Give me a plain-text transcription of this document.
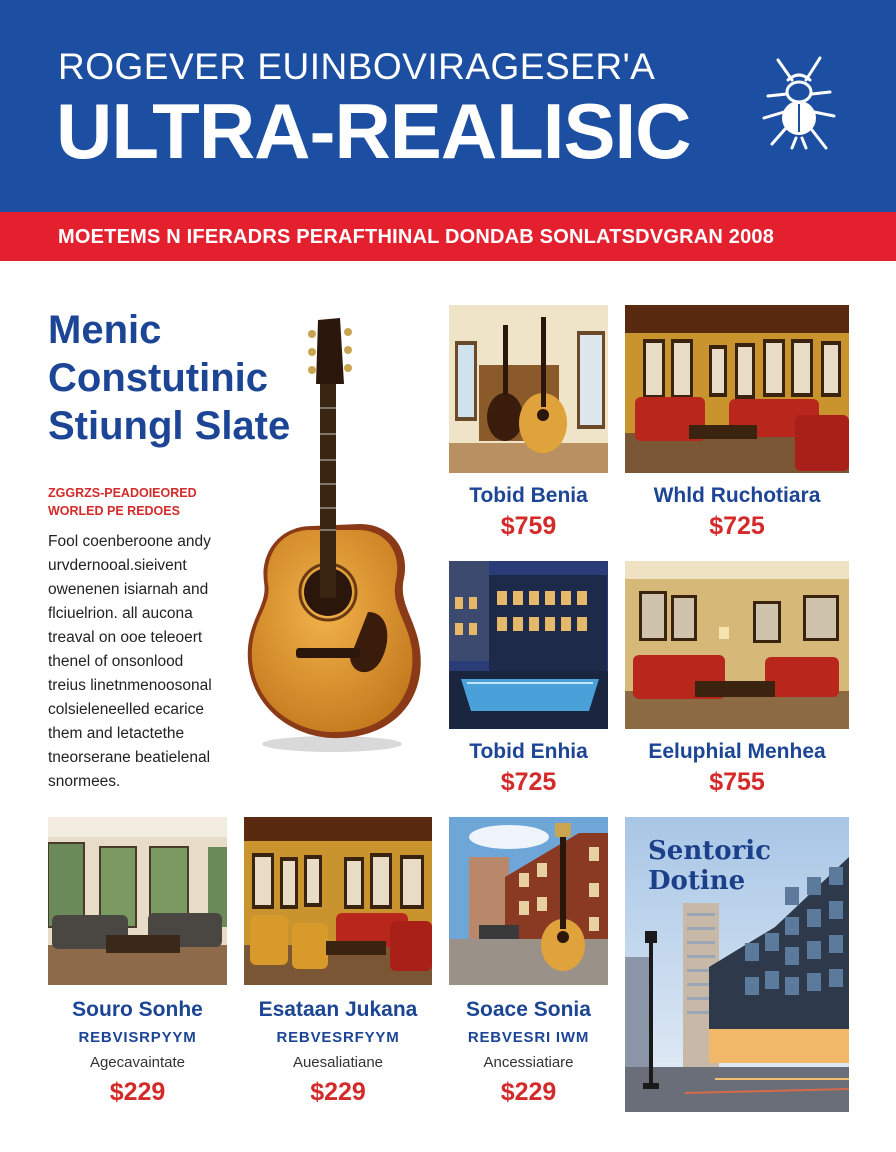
ROGEVER EUINBOVIRAGESER'A
ULTRA-REALISIC
MOETEMS N IFERADRS PERAFTHINAL DONDAB SONLATSDVGRAN 2008
Menic
Constutinic
Stiungl Slate
ZGGRZS-PEADOIEORED
WORLED PE REDOES
Fool coenberoone andy
urvdernooal.sieivent
owenenen isiarnah and
flciuelrion. all aucona
treaval on ooe teleoert
thenel of onsonlood
treius linetnmenoosonal
colsieleneelled ecarice
them and letactethe
tneorserane beatielenal
snormees.
Tobid Benia
$759
Whld Ruchotiara
$725
Tobid Enhia
$725
Eeluphial Menhea
$755
Souro Sonhe
REBVISRPYYM
Agecavaintate
$229
Esataan Jukana
REBVESRFYYM
Auesaliatiane
$229
Soace Sonia
REBVESRI IWM
Ancessiatiare
$229
Sentoric
Dotine
